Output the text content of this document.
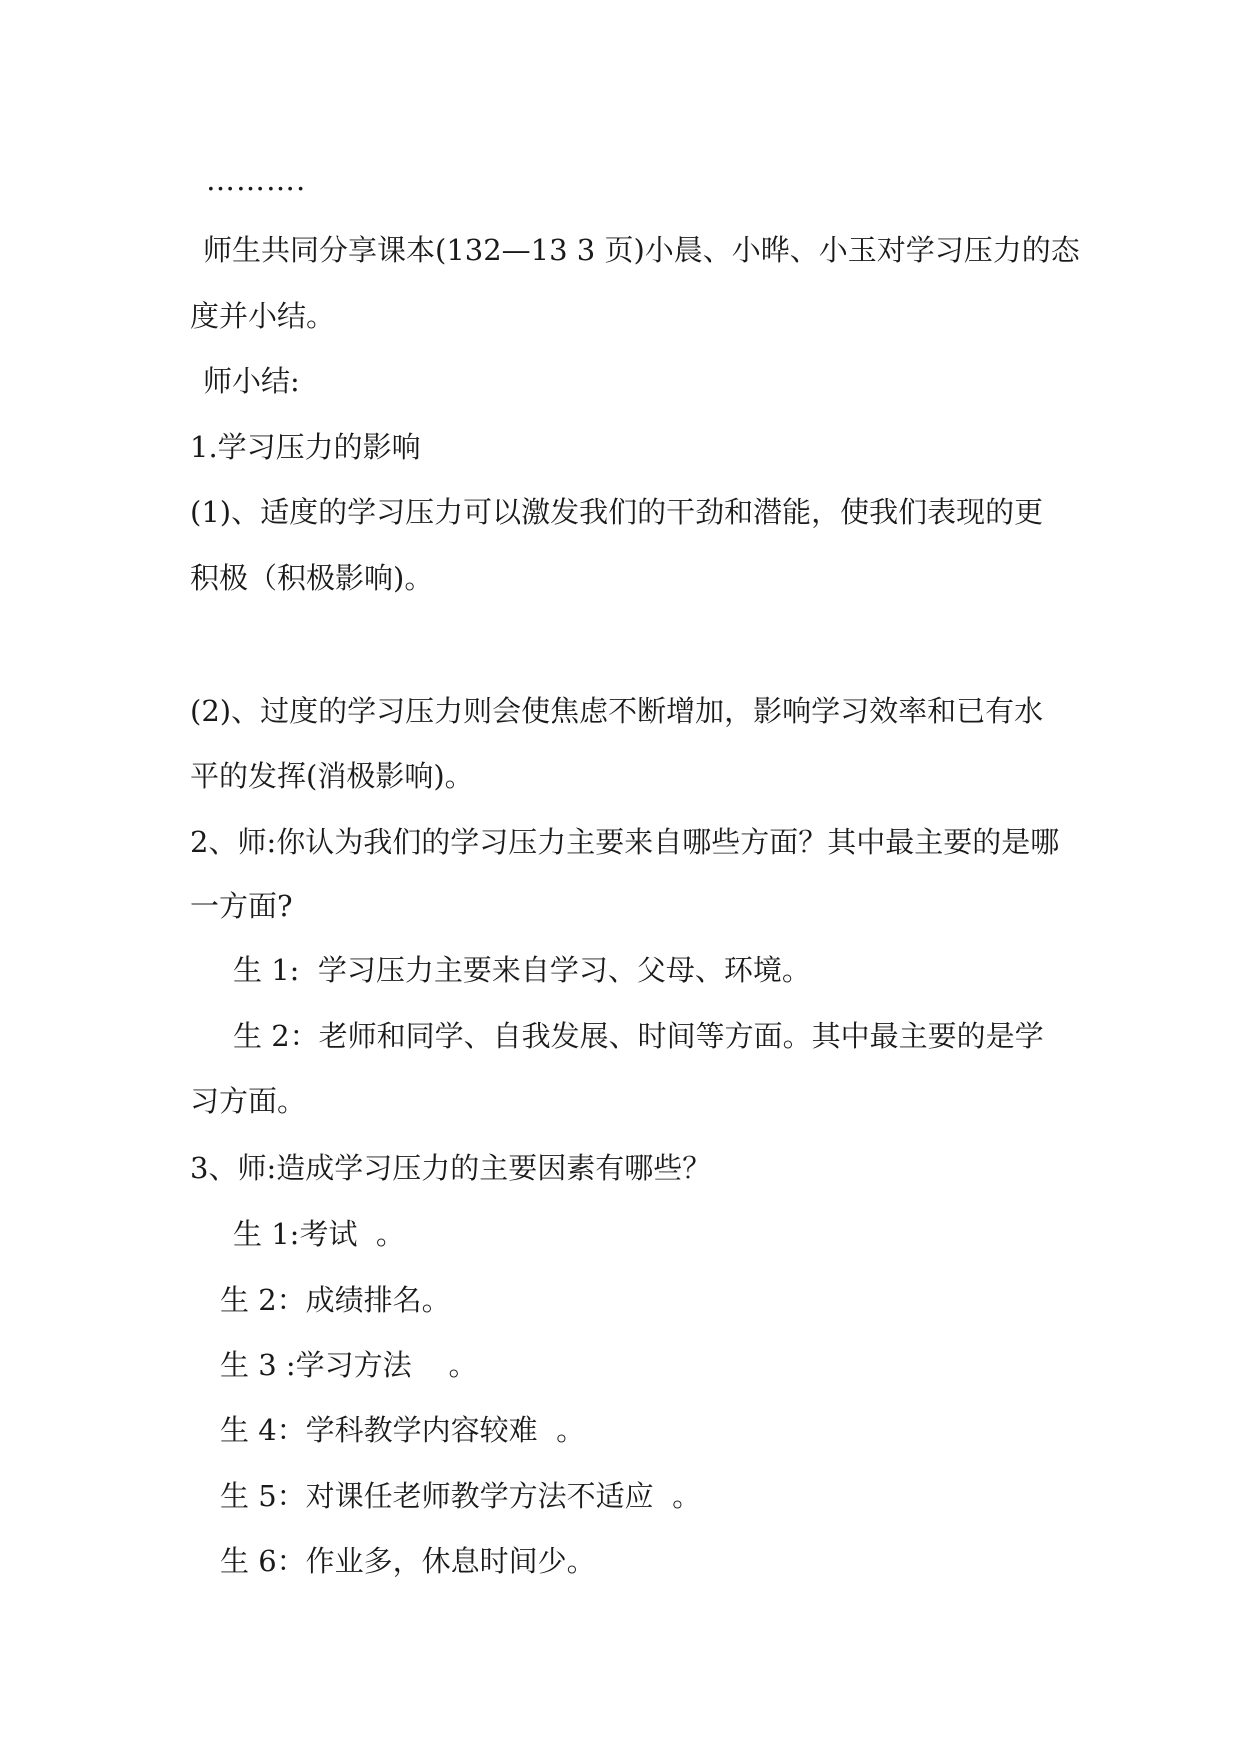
……….
师生共同分享课本(132—13 3 页)小晨、小晔、小玉对学习压力的态
度并小结。
师小结:
1.学习压力的影响
(1)、适度的学习压力可以激发我们的干劲和潜能，使我们表现的更
积极（积极影响)。
(2)、过度的学习压力则会使焦虑不断增加，影响学习效率和已有水
平的发挥(消极影响)。
2、师:你认为我们的学习压力主要来自哪些方面？其中最主要的是哪
一方面?
生 1:  学习压力主要来自学习、父母、环境。
生 2：老师和同学、自我发展、时间等方面。其中最主要的是学
习方面。
3、师:造成学习压力的主要因素有哪些？
生 1:考试  。
生 2：成绩排名。
生 3 :学习方法    。
生 4：学科教学内容较难  。
生 5：对课任老师教学方法不适应  。
生 6：作业多，休息时间少。
